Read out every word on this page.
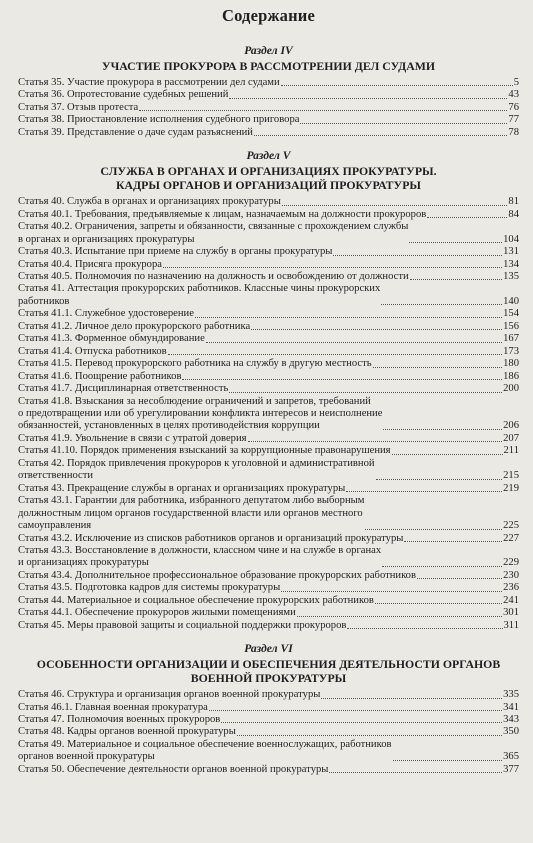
Содержание
Раздел IV
УЧАСТИЕ ПРОКУРОРА В РАССМОТРЕНИИ ДЕЛ СУДАМИ
Статья 35. Участие прокурора в рассмотрении дел судами	5
Статья 36. Опротестование судебных решений	43
Статья 37. Отзыв протеста	76
Статья 38. Приостановление исполнения судебного приговора	77
Статья 39. Представление о даче судам разъяснений	78
Раздел V
СЛУЖБА В ОРГАНАХ И ОРГАНИЗАЦИЯХ ПРОКУРАТУРЫ.
КАДРЫ ОРГАНОВ И ОРГАНИЗАЦИЙ ПРОКУРАТУРЫ
Статья 40. Служба в органах и организациях прокуратуры	81
Статья 40.1. Требования, предъявляемые к лицам, назначаемым на должности прокуроров	84
Статья 40.2. Ограничения, запреты и обязанности, связанные с прохождением службы
в органах и организациях прокуратуры	104
Статья 40.3. Испытание при приеме на службу в органы прокуратуры	131
Статья 40.4. Присяга прокурора	134
Статья 40.5. Полномочия по назначению на должность и освобождению от должности	135
Статья 41. Аттестация прокурорских работников. Классные чины прокурорских
работников	140
Статья 41.1. Служебное удостоверение	154
Статья 41.2. Личное дело прокурорского работника	156
Статья 41.3. Форменное обмундирование	167
Статья 41.4. Отпуска работников	173
Статья 41.5. Перевод прокурорского работника на службу в другую местность	180
Статья 41.6. Поощрение работников	186
Статья 41.7. Дисциплинарная ответственность	200
Статья 41.8. Взыскания за несоблюдение ограничений и запретов, требований
о предотвращении или об урегулировании конфликта интересов и неисполнение
обязанностей, установленных в целях противодействия коррупции	206
Статья 41.9. Увольнение в связи с утратой доверия	207
Статья 41.10. Порядок применения взысканий за коррупционные правонарушения	211
Статья 42. Порядок привлечения прокуроров к уголовной и административной
ответственности	215
Статья 43. Прекращение службы в органах и организациях прокуратуры	219
Статья 43.1. Гарантии для работника, избранного депутатом либо выборным
должностным лицом органов государственной власти или органов местного
самоуправления	225
Статья 43.2. Исключение из списков работников органов и организаций прокуратуры	227
Статья 43.3. Восстановление в должности, классном чине и на службе в органах
и организациях прокуратуры	229
Статья 43.4. Дополнительное профессиональное образование прокурорских работников	230
Статья 43.5. Подготовка кадров для системы прокуратуры	236
Статья 44. Материальное и социальное обеспечение прокурорских работников	241
Статья 44.1. Обеспечение прокуроров жилыми помещениями	301
Статья 45. Меры правовой защиты и социальной поддержки прокуроров	311
Раздел VI
ОСОБЕННОСТИ ОРГАНИЗАЦИИ И ОБЕСПЕЧЕНИЯ ДЕЯТЕЛЬНОСТИ ОРГАНОВ
ВОЕННОЙ ПРОКУРАТУРЫ
Статья 46. Структура и организация органов военной прокуратуры	335
Статья 46.1. Главная военная прокуратура	341
Статья 47. Полномочия военных прокуроров	343
Статья 48. Кадры органов военной прокуратуры	350
Статья 49. Материальное и социальное обеспечение военнослужащих, работников
органов военной прокуратуры	365
Статья 50. Обеспечение деятельности органов военной прокуратуры	377
